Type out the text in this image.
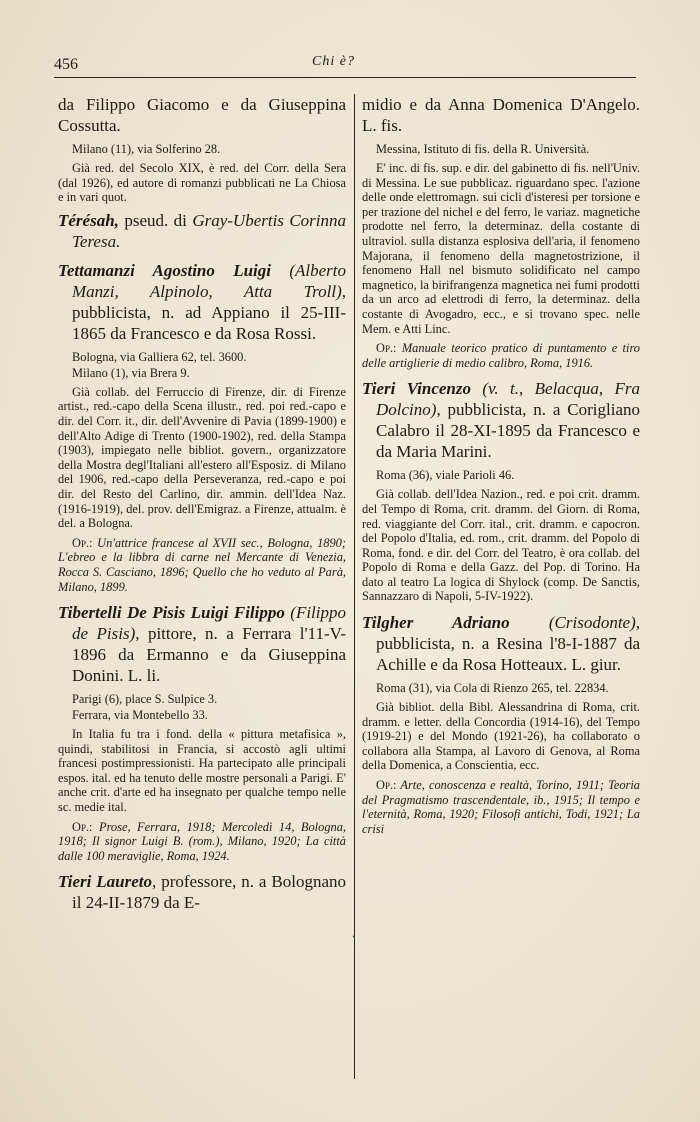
456	Chi è?

da Filippo Giacomo e da Giuseppina Cossutta.

Milano (11), via Solferino 28.

Già red. del Secolo XIX, è red. del Corr. della Sera (dal 1926), ed autore di romanzi pubblicati ne La Chiosa e in vari quot.

Térésah, pseud. di Gray-Ubertis Corinna Teresa.

Tettamanzi Agostino Luigi (Alberto Manzi, Alpinolo, Atta Troll), pubblicista, n. ad Appiano il 25-III-1865 da Francesco e da Rosa Rossi.

Bologna, via Galliera 62, tel. 3600.
Milano (1), via Brera 9.

Già collab. del Ferruccio di Firenze, dir. di Firenze artist., red.-capo della Scena illustr., red. poi red.-capo e dir. del Corr. it., dir. dell'Avvenire di Pavia (1899-1900) e dell'Alto Adige di Trento (1900-1902), red. della Stampa (1903), impiegato nelle bibliot. govern., organizzatore della Mostra degl'Italiani all'estero all'Esposiz. di Milano del 1906, red.-capo della Perseveranza, red.-capo e poi dir. del Resto del Carlino, dir. ammin. dell'Idea Naz. (1916-1919), del. prov. dell'Emigraz. a Firenze, attualm. è del. a Bologna.

Op.: Un'attrice francese al XVII sec., Bologna, 1890; L'ebreo e la libbra di carne nel Mercante di Venezia, Rocca S. Casciano, 1896; Quello che ho veduto al Parà, Milano, 1899.

Tibertelli De Pisis Luigi Filippo (Filippo de Pisis), pittore, n. a Ferrara l'11-V-1896 da Ermanno e da Giuseppina Donini. L. li.

Parigi (6), place S. Sulpice 3.
Ferrara, via Montebello 33.

In Italia fu tra i fond. della « pittura metafisica », quindi, stabilitosi in Francia, si accostò agli ultimi francesi postimpressionisti. Ha partecipato alle principali espos. ital. ed ha tenuto delle mostre personali a Parigi. E' anche crit. d'arte ed ha insegnato per qualche tempo nelle sc. medie ital.

Op.: Prose, Ferrara, 1918; Mercoledì 14, Bologna, 1918; Il signor Luigi B. (rom.), Milano, 1920; La città dalle 100 meraviglie, Roma, 1924.

Tieri Laureto, professore, n. a Bolognano il 24-II-1879 da E-

midio e da Anna Domenica D'Angelo. L. fis.

Messina, Istituto di fis. della R. Università.

E' inc. di fis. sup. e dir. del gabinetto di fis. nell'Univ. di Messina. Le sue pubblicaz. riguardano spec. l'azione delle onde elettromagn. sui cicli d'isteresi per torsione e per trazione del nichel e del ferro, le variaz. magnetiche prodotte nel ferro, la determinaz. della costante di ultraviol. sulla distanza esplosiva dell'aria, il fenomeno Majorana, il fenomeno della magnetostrizione, il fenomeno Hall nel bismuto solidificato nel campo magnetico, la birifrangenza magnetica nei fumi prodotti da un arco ad elettrodi di ferro, la determinaz. della costante di Avogadro, ecc., e si trovano spec. nelle Mem. e Atti Linc.

Op.: Manuale teorico pratico di puntamento e tiro delle artiglierie di medio calibro, Roma, 1916.

Tieri Vincenzo (v. t., Belacqua, Fra Dolcino), pubblicista, n. a Corigliano Calabro il 28-XI-1895 da Francesco e da Maria Marini.

Roma (36), viale Parioli 46.

Già collab. dell'Idea Nazion., red. e poi crit. dramm. del Tempo di Roma, crit. dramm. del Giorn. di Roma, red. viaggiante del Corr. ital., crit. dramm. e capocron. del Popolo d'Italia, ed. rom., crit. dramm. del Popolo di Roma, fond. e dir. del Corr. del Teatro, è ora collab. del Popolo di Roma e della Gazz. del Pop. di Torino. Ha dato al teatro La logica di Shylock (comp. De Sanctis, Sannazzaro di Napoli, 5-IV-1922).

Tilgher Adriano (Crisodonte), pubblicista, n. a Resina l'8-I-1887 da Achille e da Rosa Hotteaux. L. giur.

Roma (31), via Cola di Rienzo 265, tel. 22834.

Già bibliot. della Bibl. Alessandrina di Roma, crit. dramm. e letter. della Concordia (1914-16), del Tempo (1919-21) e del Mondo (1921-26), ha collaborato o collabora alla Stampa, al Lavoro di Genova, al Roma della Domenica, a Conscientia, ecc.

Op.: Arte, conoscenza e realtà, Torino, 1911; Teoria del Pragmatismo trascendentale, ib., 1915; Il tempo e l'eternità, Roma, 1920; Filosofi antichi, Todi, 1921; La crisi

‹
